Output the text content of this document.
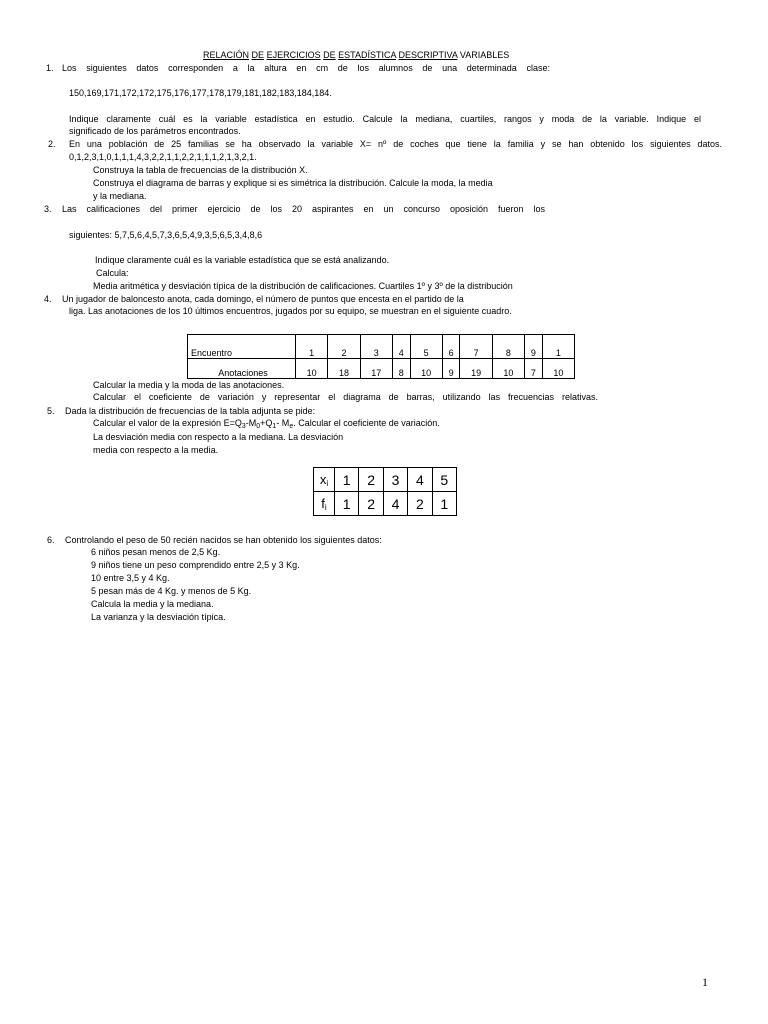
RELACIÓN DE EJERCICIOS DE ESTADÍSTICA DESCRIPTIVA VARIABLES
1. Los siguientes datos corresponden a la altura en cm de los alumnos de una determinada clase:
150,169,171,172,172,175,176,177,178,179,181,182,183,184,184.
Indique claramente cuál es la variable estadística en estudio. Calcule la mediana, cuartiles, rangos y moda de la variable. Indique el
significado de los parámetros encontrados.
2. En una población de 25 familias se ha observado la variable X= nº de coches que tiene la familia y se han obtenido los siguientes datos.
0,1,2,3,1,0,1,1,1,4,3,2,2,1,1,2,2,1,1,1,2,1,3,2,1.
Construya la tabla de frecuencias de la distribución X.
Construya el diagrama de barras y explique si es simétrica la distribución. Calcule la moda, la media
y la mediana.
3. Las calificaciones del primer ejercicio de los 20 aspirantes en un concurso oposición fueron los
siguientes: 5,7,5,6,4,5,7,3,6,5,4,9,3,5,6,5,3,4,8,6
Indique claramente cuál es la variable estadística que se está analizando.
Calcula:
Media aritmética y desviación típica de la distribución de calificaciones. Cuartiles 1º y 3º de la distribución
4. Un jugador de baloncesto anota, cada domingo, el número de puntos que encesta en el partido de la
liga. Las anotaciones de los 10 últimos encuentros, jugados por su equipo, se muestran en el siguiente cuadro.
Encuentro	1	2	3	4	5	6	7	8	9	1
Anotaciones	10	18	17	8	10	9	19	10	7	10
Calcular la media y la moda de las anotaciones.
Calcular el coeficiente de variación y representar el diagrama de barras, utilizando las frecuencias relativas.
5. Dada la distribución de frecuencias de la tabla adjunta se pide:
Calcular el valor de la expresión $E=Q_3-M_0+Q_1-$ $M_e$. Calcular el coeficiente de variación.
La desviación media con respecto a la mediana. La desviación
media con respecto a la media.
$x_i$	1	2	3	4	5
$f_i$	1	2	4	2	1
6. Controlando el peso de 50 recién nacidos se han obtenido los siguientes datos:
6 niños pesan menos de 2,5 Kg.
9 niños tiene un peso comprendido entre 2,5 y 3 Kg.
10 entre 3,5 y 4 Kg.
5 pesan más de 4 Kg. y menos de 5 Kg.
Calcula la media y la mediana.
La varianza y la desviación típica.
1
